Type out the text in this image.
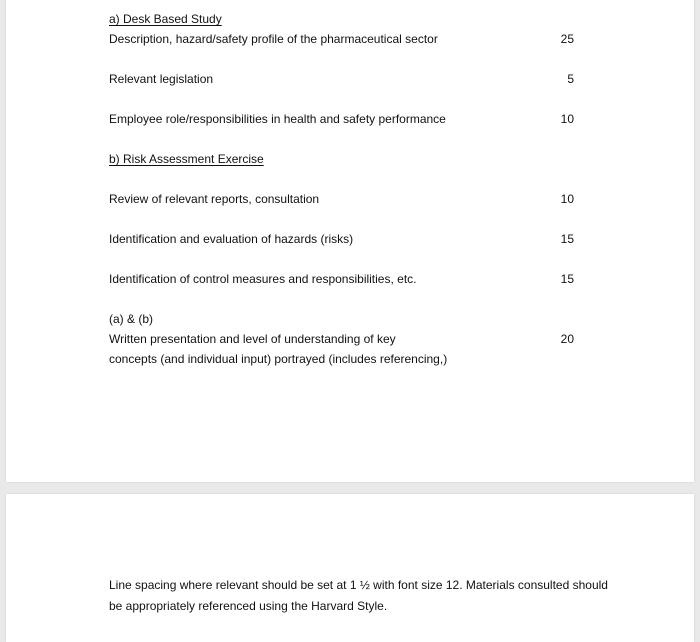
a) Desk Based Study
Description, hazard/safety profile of the pharmaceutical sector	25
Relevant legislation	5
Employee role/responsibilities in health and safety performance	10
b) Risk Assessment Exercise
Review of relevant reports, consultation	10
Identification and evaluation of hazards (risks)	15
Identification of control measures and responsibilities, etc.	15
(a) & (b)
Written presentation and level of understanding of key	20
concepts (and individual input) portrayed (includes referencing,)
Line spacing where relevant should be set at 1 ½ with font size 12. Materials consulted should
be appropriately referenced using the Harvard Style.
